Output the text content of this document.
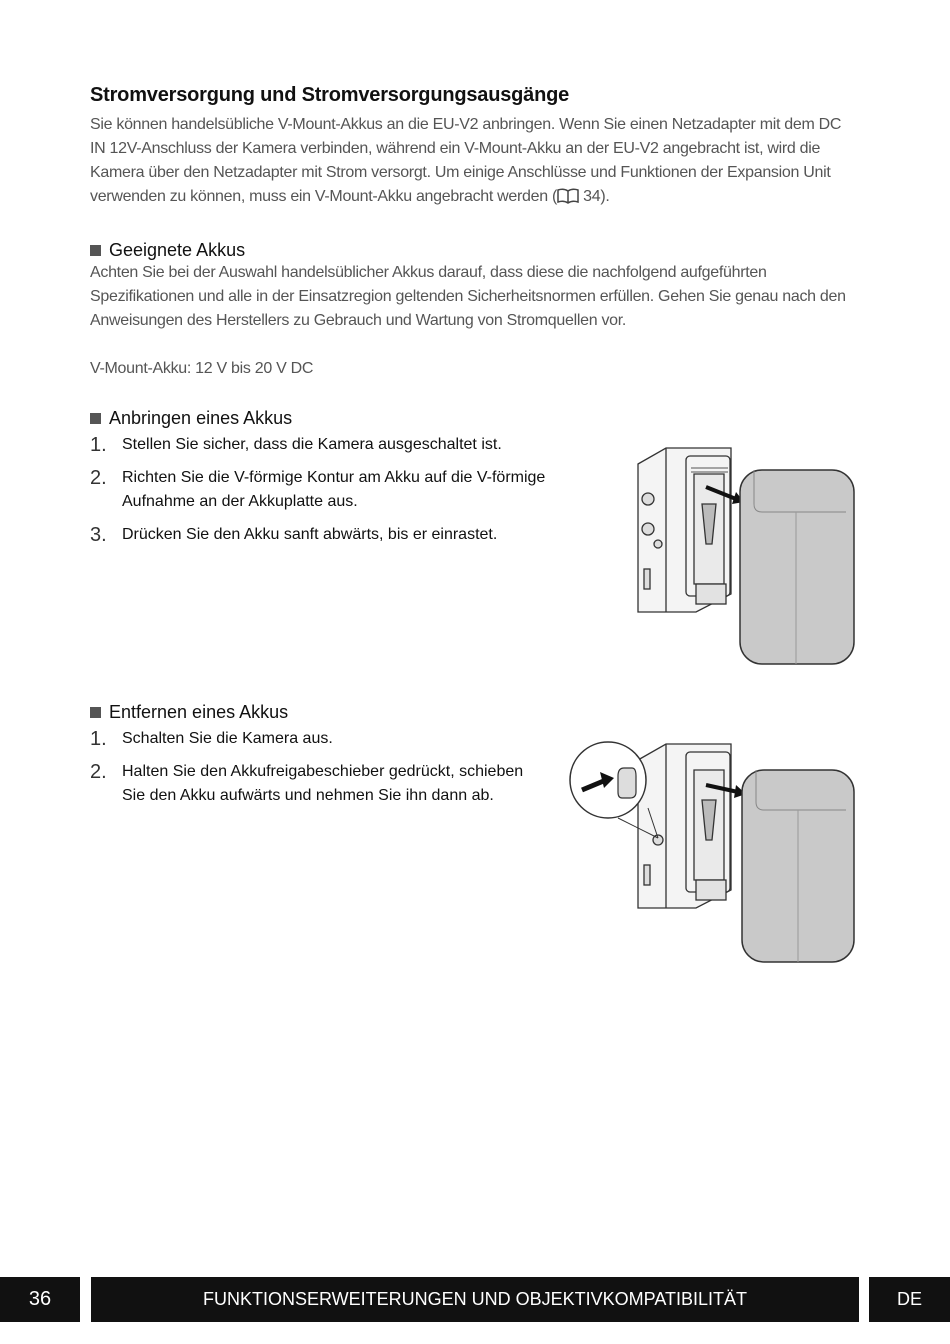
Stromversorgung und Stromversorgungsausgänge

Sie können handelsübliche V-Mount-Akkus an die EU-V2 anbringen. Wenn Sie einen Netzadapter mit dem DC IN 12V-Anschluss der Kamera verbinden, während ein V-Mount-Akku an der EU-V2 angebracht ist, wird die Kamera über den Netzadapter mit Strom versorgt. Um einige Anschlüsse und Funktionen der Expansion Unit verwenden zu können, muss ein V-Mount-Akku angebracht werden ( 34).

Geeignete Akkus

Achten Sie bei der Auswahl handelsüblicher Akkus darauf, dass diese die nachfolgend aufgeführten Spezifikationen und alle in der Einsatzregion geltenden Sicherheitsnormen erfüllen. Gehen Sie genau nach den Anweisungen des Herstellers zu Gebrauch und Wartung von Stromquellen vor.

V-Mount-Akku: 12 V bis 20 V DC

Anbringen eines Akkus
1. Stellen Sie sicher, dass die Kamera ausgeschaltet ist.
2. Richten Sie die V-förmige Kontur am Akku auf die V-förmige Aufnahme an der Akkuplatte aus.
3. Drücken Sie den Akku sanft abwärts, bis er einrastet.
Entfernen eines Akkus
1. Schalten Sie die Kamera aus.
2. Halten Sie den Akkufreigabeschieber gedrückt, schieben Sie den Akku aufwärts und nehmen Sie ihn dann ab.
36	FUNKTIONSERWEITERUNGEN UND OBJEKTIVKOMPATIBILITÄT	DE
